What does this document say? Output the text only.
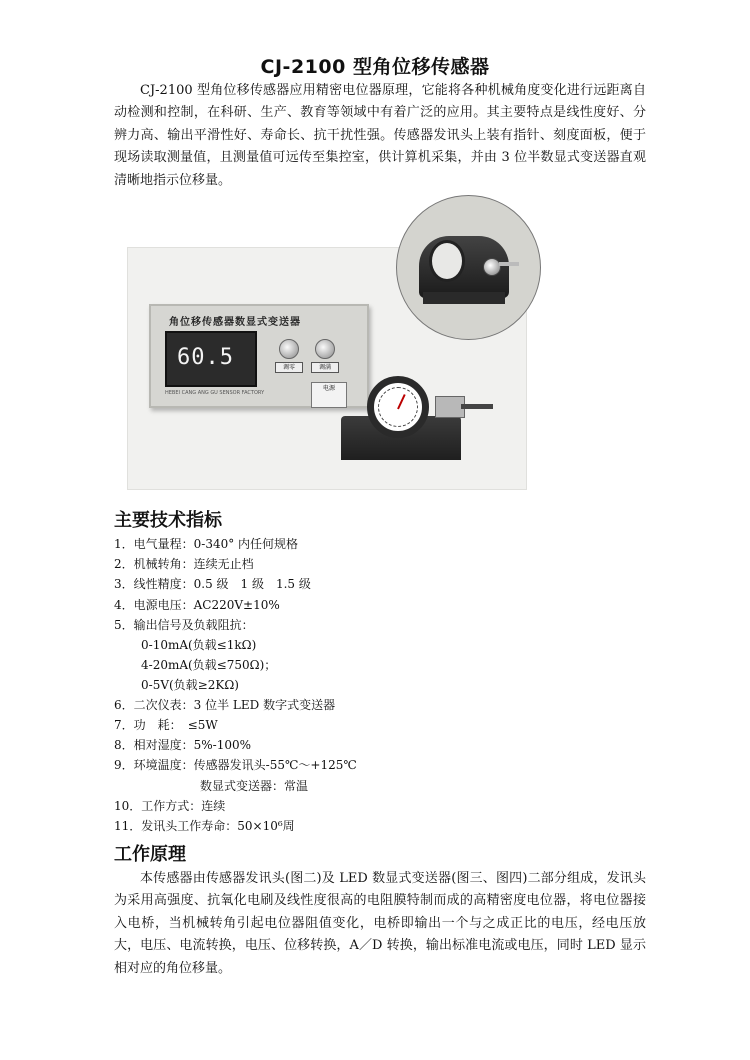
CJ-2100 型角位移传感器
CJ-2100 型角位移传感器应用精密电位器原理，它能将各种机械角度变化进行远距离自动检测和控制，在科研、生产、教育等领域中有着广泛的应用。其主要特点是线性度好、分辨力高、输出平滑性好、寿命长、抗干扰性强。传感器发讯头上装有指针、刻度面板，便于现场读取测量值，且测量值可远传至集控室，供计算机采集，并由 3 位半数显式变送器直观清晰地指示位移量。
角位移传感器数显式变送器
60.5	调零	调满
电源
HEBEI CANG ANG GU SENSOR FACTORY
主要技术指标
1．电气量程：0-340° 内任何规格
2．机械转角：连续无止档
3．线性精度：0.5 级　1 级　1.5 级
4．电源电压：AC220V±10%
5．输出信号及负载阻抗：
0-10mA(负载≤1kΩ)
4-20mA(负载≤750Ω)；
0-5V(负载≥2KΩ)
6．二次仪表：3 位半 LED 数字式变送器
7．功　耗：　≤5W
8．相对湿度：5%-100%
9．环境温度：传感器发讯头-55℃～+125℃
数显式变送器：常温
10．工作方式：连续
11．发讯头工作寿命：50×10⁶周
工作原理
本传感器由传感器发讯头(图二)及 LED 数显式变送器(图三、图四)二部分组成，发讯头为采用高强度、抗氧化电刷及线性度很高的电阻膜特制而成的高精密度电位器，将电位器接入电桥，当机械转角引起电位器阻值变化，电桥即输出一个与之成正比的电压，经电压放大，电压、电流转换，电压、位移转换，A／D 转换，输出标准电流或电压，同时 LED 显示相对应的角位移量。
